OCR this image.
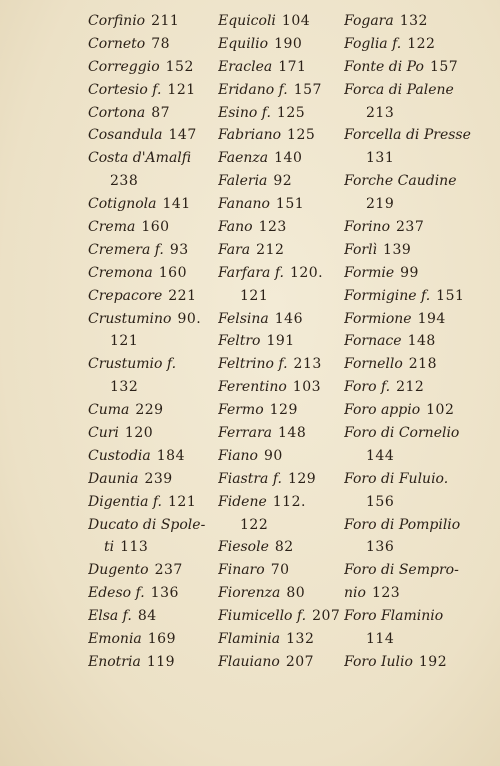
Corfinio 211
Corneto 78
Correggio 152
Cortesio f. 121
Cortona 87
Cosandula 147
Costa d'Amalfi
238
Cotignola 141
Crema 160
Cremera f. 93
Cremona 160
Crepacore 221
Crustumino 90.
121
Crustumio f.
132
Cuma 229
Curi 120
Custodia 184
Daunia 239
Digentia f. 121
Ducato di Spole-
ti 113
Dugento 237
Edeso f. 136
Elsa f. 84
Emonia 169
Enotria 119
Equicoli 104
Equilio 190
Eraclea 171
Eridano f. 157
Esino f. 125
Fabriano 125
Faenza 140
Faleria 92
Fanano 151
Fano 123
Fara 212
Farfara f. 120.
121
Felsina 146
Feltro 191
Feltrino f. 213
Ferentino 103
Fermo 129
Ferrara 148
Fiano 90
Fiastra f. 129
Fidene 112.
122
Fiesole 82
Finaro 70
Fiorenza 80
Fiumicello f. 207
Flaminia 132
Flauiano 207
Fogara 132
Foglia f. 122
Fonte di Po 157
Forca di Palene
213
Forcella di Presse
131
Forche Caudine
219
Forino 237
Forlì 139
Formie 99
Formigine f. 151
Formione 194
Fornace 148
Fornello 218
Foro f. 212
Foro appio 102
Foro di Cornelio
144
Foro di Fuluio.
156
Foro di Pompilio
136
Foro di Sempro-
nio 123
Foro Flaminio
114
Foro Iulio 192
